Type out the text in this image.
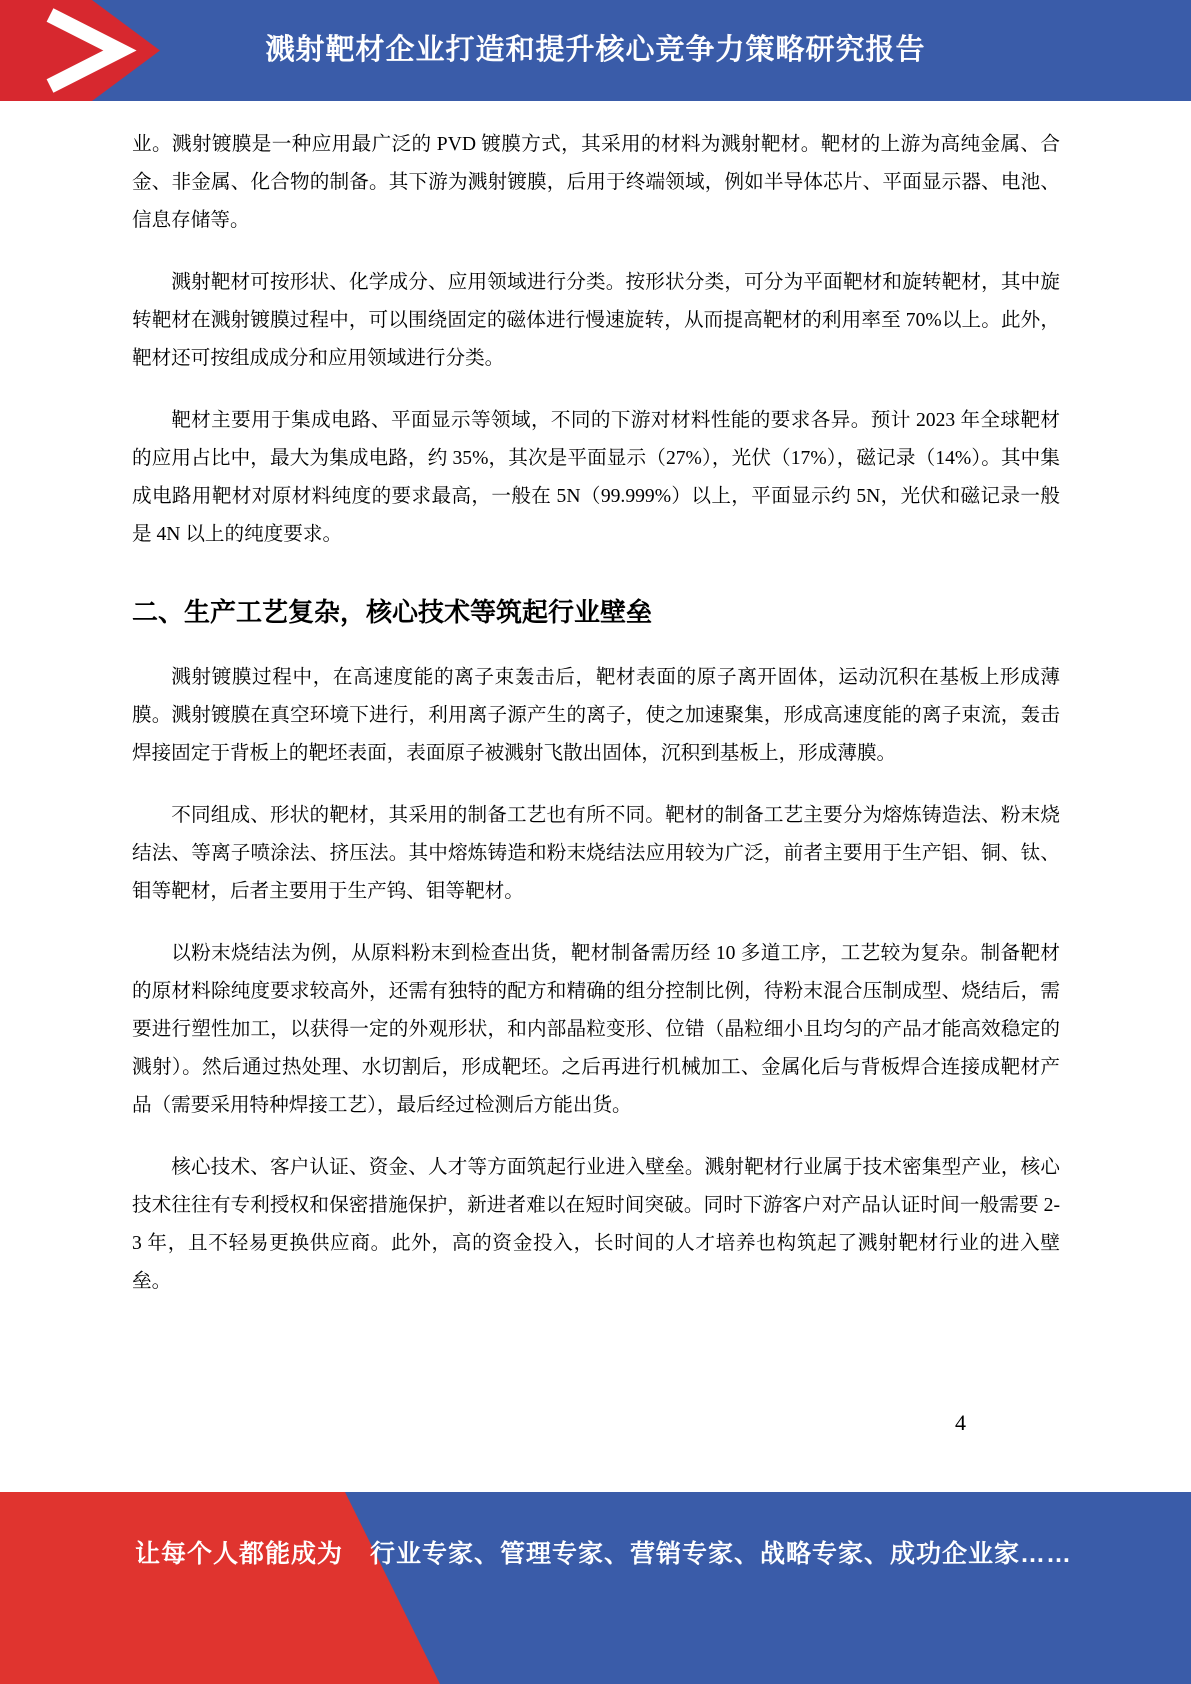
溅射靶材企业打造和提升核心竞争力策略研究报告

业。溅射镀膜是一种应用最广泛的 PVD 镀膜方式，其采用的材料为溅射靶材。靶材的上游为高纯金属、合金、非金属、化合物的制备。其下游为溅射镀膜，后用于终端领域，例如半导体芯片、平面显示器、电池、信息存储等。

溅射靶材可按形状、化学成分、应用领域进行分类。按形状分类，可分为平面靶材和旋转靶材，其中旋转靶材在溅射镀膜过程中，可以围绕固定的磁体进行慢速旋转，从而提高靶材的利用率至 70%以上。此外，靶材还可按组成成分和应用领域进行分类。

靶材主要用于集成电路、平面显示等领域，不同的下游对材料性能的要求各异。预计 2023 年全球靶材的应用占比中，最大为集成电路，约 35%，其次是平面显示（27%），光伏（17%），磁记录（14%）。其中集成电路用靶材对原材料纯度的要求最高，一般在 5N（99.999%）以上，平面显示约 5N，光伏和磁记录一般是 4N 以上的纯度要求。

二、生产工艺复杂，核心技术等筑起行业壁垒

溅射镀膜过程中，在高速度能的离子束轰击后，靶材表面的原子离开固体，运动沉积在基板上形成薄膜。溅射镀膜在真空环境下进行，利用离子源产生的离子，使之加速聚集，形成高速度能的离子束流，轰击焊接固定于背板上的靶坯表面，表面原子被溅射飞散出固体，沉积到基板上，形成薄膜。

不同组成、形状的靶材，其采用的制备工艺也有所不同。靶材的制备工艺主要分为熔炼铸造法、粉末烧结法、等离子喷涂法、挤压法。其中熔炼铸造和粉末烧结法应用较为广泛，前者主要用于生产铝、铜、钛、钼等靶材，后者主要用于生产钨、钼等靶材。

以粉末烧结法为例，从原料粉末到检查出货，靶材制备需历经 10 多道工序，工艺较为复杂。制备靶材的原材料除纯度要求较高外，还需有独特的配方和精确的组分控制比例，待粉末混合压制成型、烧结后，需要进行塑性加工，以获得一定的外观形状，和内部晶粒变形、位错（晶粒细小且均匀的产品才能高效稳定的溅射）。然后通过热处理、水切割后，形成靶坯。之后再进行机械加工、金属化后与背板焊合连接成靶材产品（需要采用特种焊接工艺），最后经过检测后方能出货。

核心技术、客户认证、资金、人才等方面筑起行业进入壁垒。溅射靶材行业属于技术密集型产业，核心技术往往有专利授权和保密措施保护，新进者难以在短时间突破。同时下游客户对产品认证时间一般需要 2-3 年，且不轻易更换供应商。此外，高的资金投入，长时间的人才培养也构筑起了溅射靶材行业的进入壁垒。

4
让每个人都能成为 行业专家、管理专家、营销专家、战略专家、成功企业家……
